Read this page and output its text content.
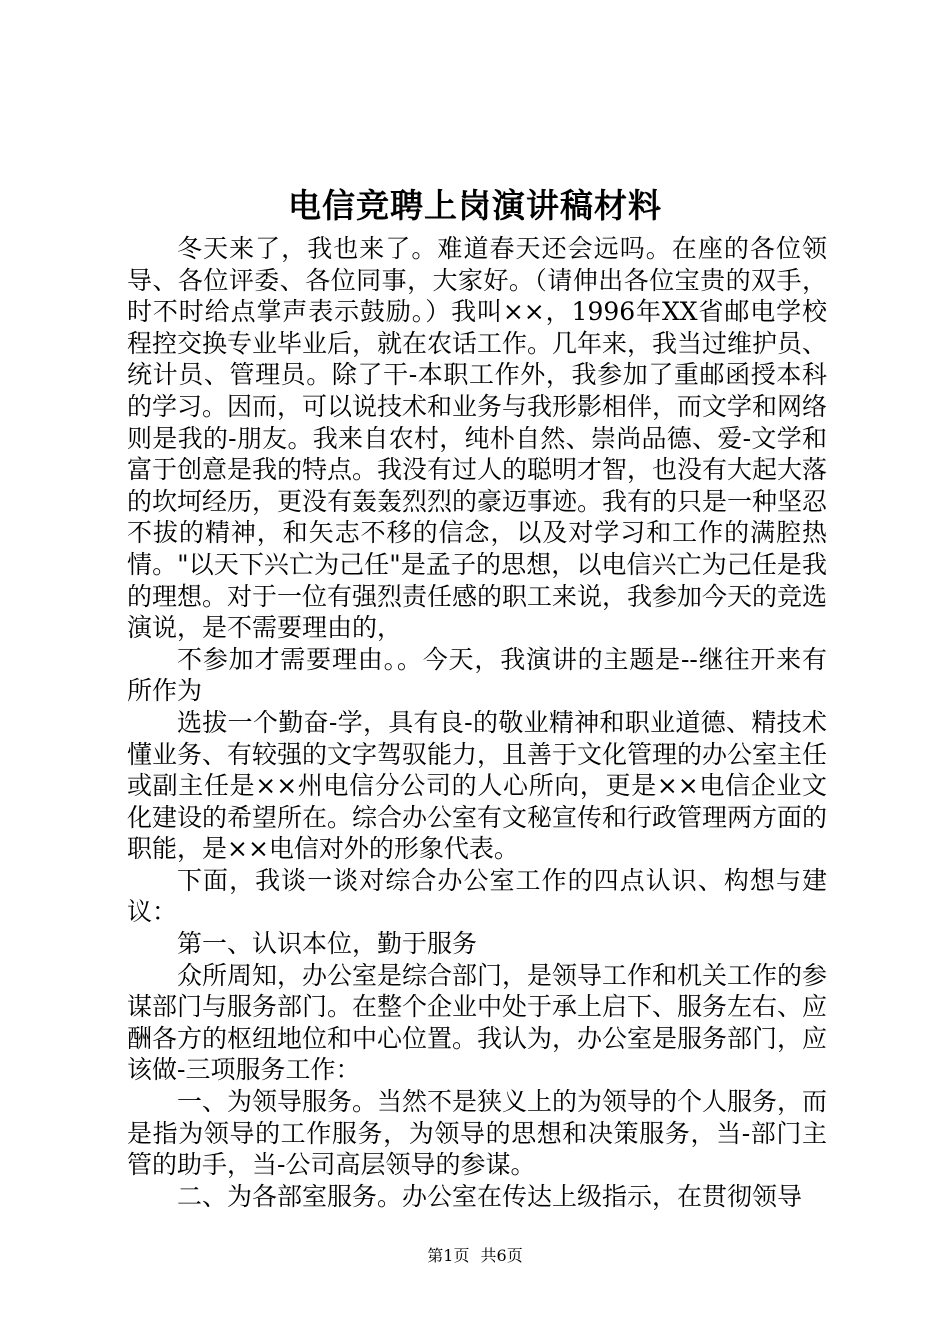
电信竞聘上岗演讲稿材料

冬天来了，我也来了。难道春天还会远吗。在座的各位领导、各位评委、各位同事，大家好。（请伸出各位宝贵的双手，时不时给点掌声表示鼓励。）我叫××，1996年XX省邮电学校程控交换专业毕业后，就在农话工作。几年来，我当过维护员、统计员、管理员。除了干-本职工作外，我参加了重邮函授本科的学习。因而，可以说技术和业务与我形影相伴，而文学和网络则是我的-朋友。我来自农村，纯朴自然、崇尚品德、爱-文学和富于创意是我的特点。我没有过人的聪明才智，也没有大起大落的坎坷经历，更没有轰轰烈烈的豪迈事迹。我有的只是一种坚忍不拔的精神，和矢志不移的信念，以及对学习和工作的满腔热情。"以天下兴亡为己任"是孟子的思想，以电信兴亡为己任是我的理想。对于一位有强烈责任感的职工来说，我参加今天的竞选演说，是不需要理由的，

不参加才需要理由。。今天，我演讲的主题是--继往开来有所作为

选拔一个勤奋-学，具有良-的敬业精神和职业道德、精技术懂业务、有较强的文字驾驭能力，且善于文化管理的办公室主任或副主任是××州电信分公司的人心所向，更是××电信企业文化建设的希望所在。综合办公室有文秘宣传和行政管理两方面的职能，是××电信对外的形象代表。

下面，我谈一谈对综合办公室工作的四点认识、构想与建议：

第一、认识本位，勤于服务

众所周知，办公室是综合部门，是领导工作和机关工作的参谋部门与服务部门。在整个企业中处于承上启下、服务左右、应酬各方的枢纽地位和中心位置。我认为，办公室是服务部门，应该做-三项服务工作：

一、为领导服务。当然不是狭义上的为领导的个人服务，而是指为领导的工作服务，为领导的思想和决策服务，当-部门主管的助手，当-公司高层领导的参谋。

二、为各部室服务。办公室在传达上级指示，在贯彻领导

第1页 共6页
